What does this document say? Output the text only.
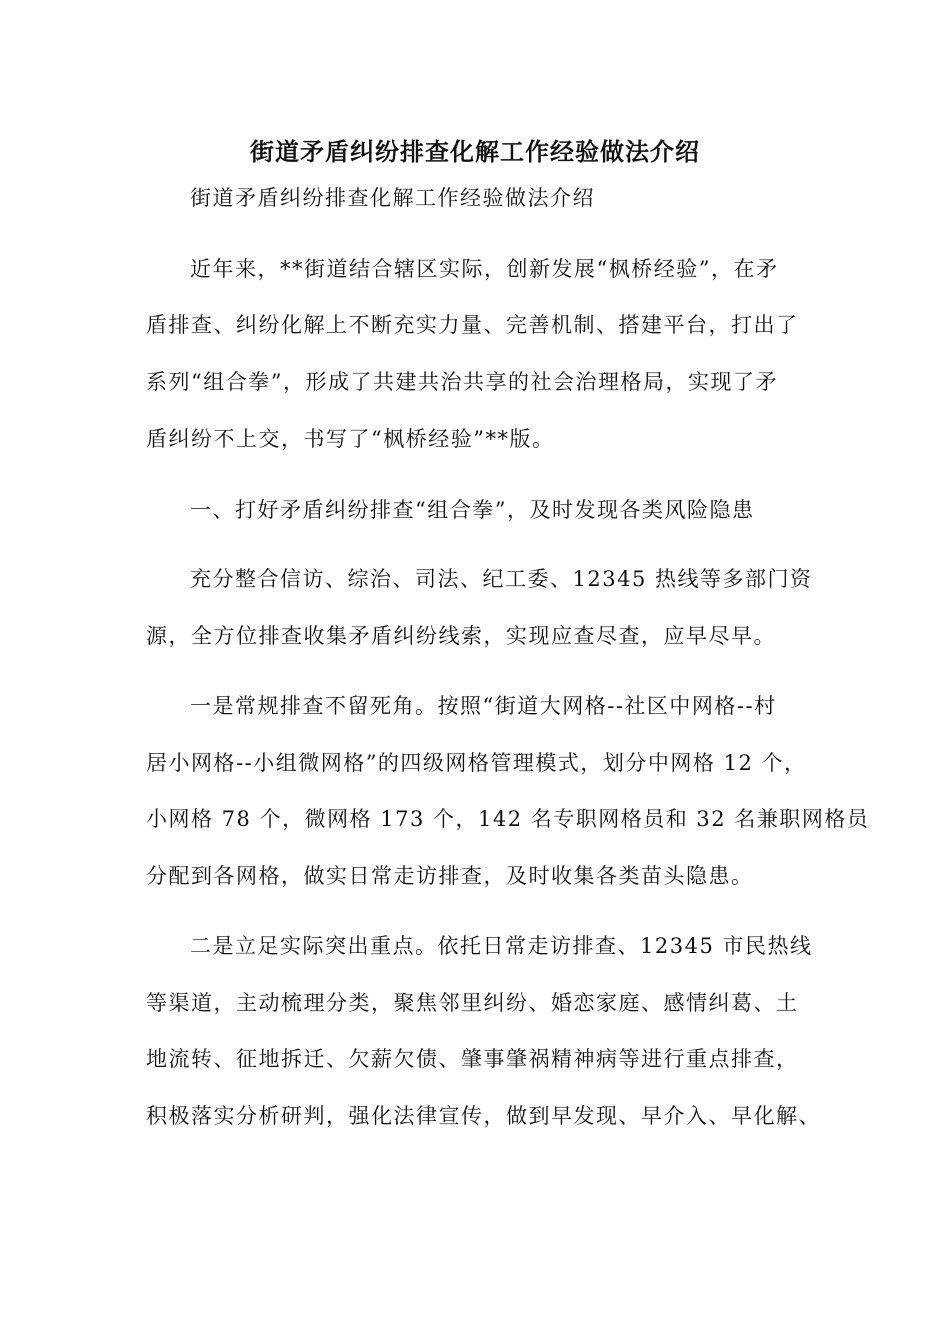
街道矛盾纠纷排查化解工作经验做法介绍

街道矛盾纠纷排查化解工作经验做法介绍

近年来，**街道结合辖区实际，创新发展“枫桥经验”，在矛

盾排查、纠纷化解上不断充实力量、完善机制、搭建平台，打出了

系列“组合拳”，形成了共建共治共享的社会治理格局，实现了矛

盾纠纷不上交，书写了“枫桥经验”**版。

一、打好矛盾纠纷排查“组合拳”，及时发现各类风险隐患

充分整合信访、综治、司法、纪工委、12345 热线等多部门资

源，全方位排查收集矛盾纠纷线索，实现应查尽查，应早尽早。

一是常规排查不留死角。按照“街道大网格--社区中网格--村

居小网格--小组微网格”的四级网格管理模式，划分中网格 12 个，

小网格 78 个，微网格 173 个，142 名专职网格员和 32 名兼职网格员

分配到各网格，做实日常走访排查，及时收集各类苗头隐患。

二是立足实际突出重点。依托日常走访排查、12345 市民热线

等渠道，主动梳理分类，聚焦邻里纠纷、婚恋家庭、感情纠葛、土

地流转、征地拆迁、欠薪欠债、肇事肇祸精神病等进行重点排查，

积极落实分析研判，强化法律宣传，做到早发现、早介入、早化解、
